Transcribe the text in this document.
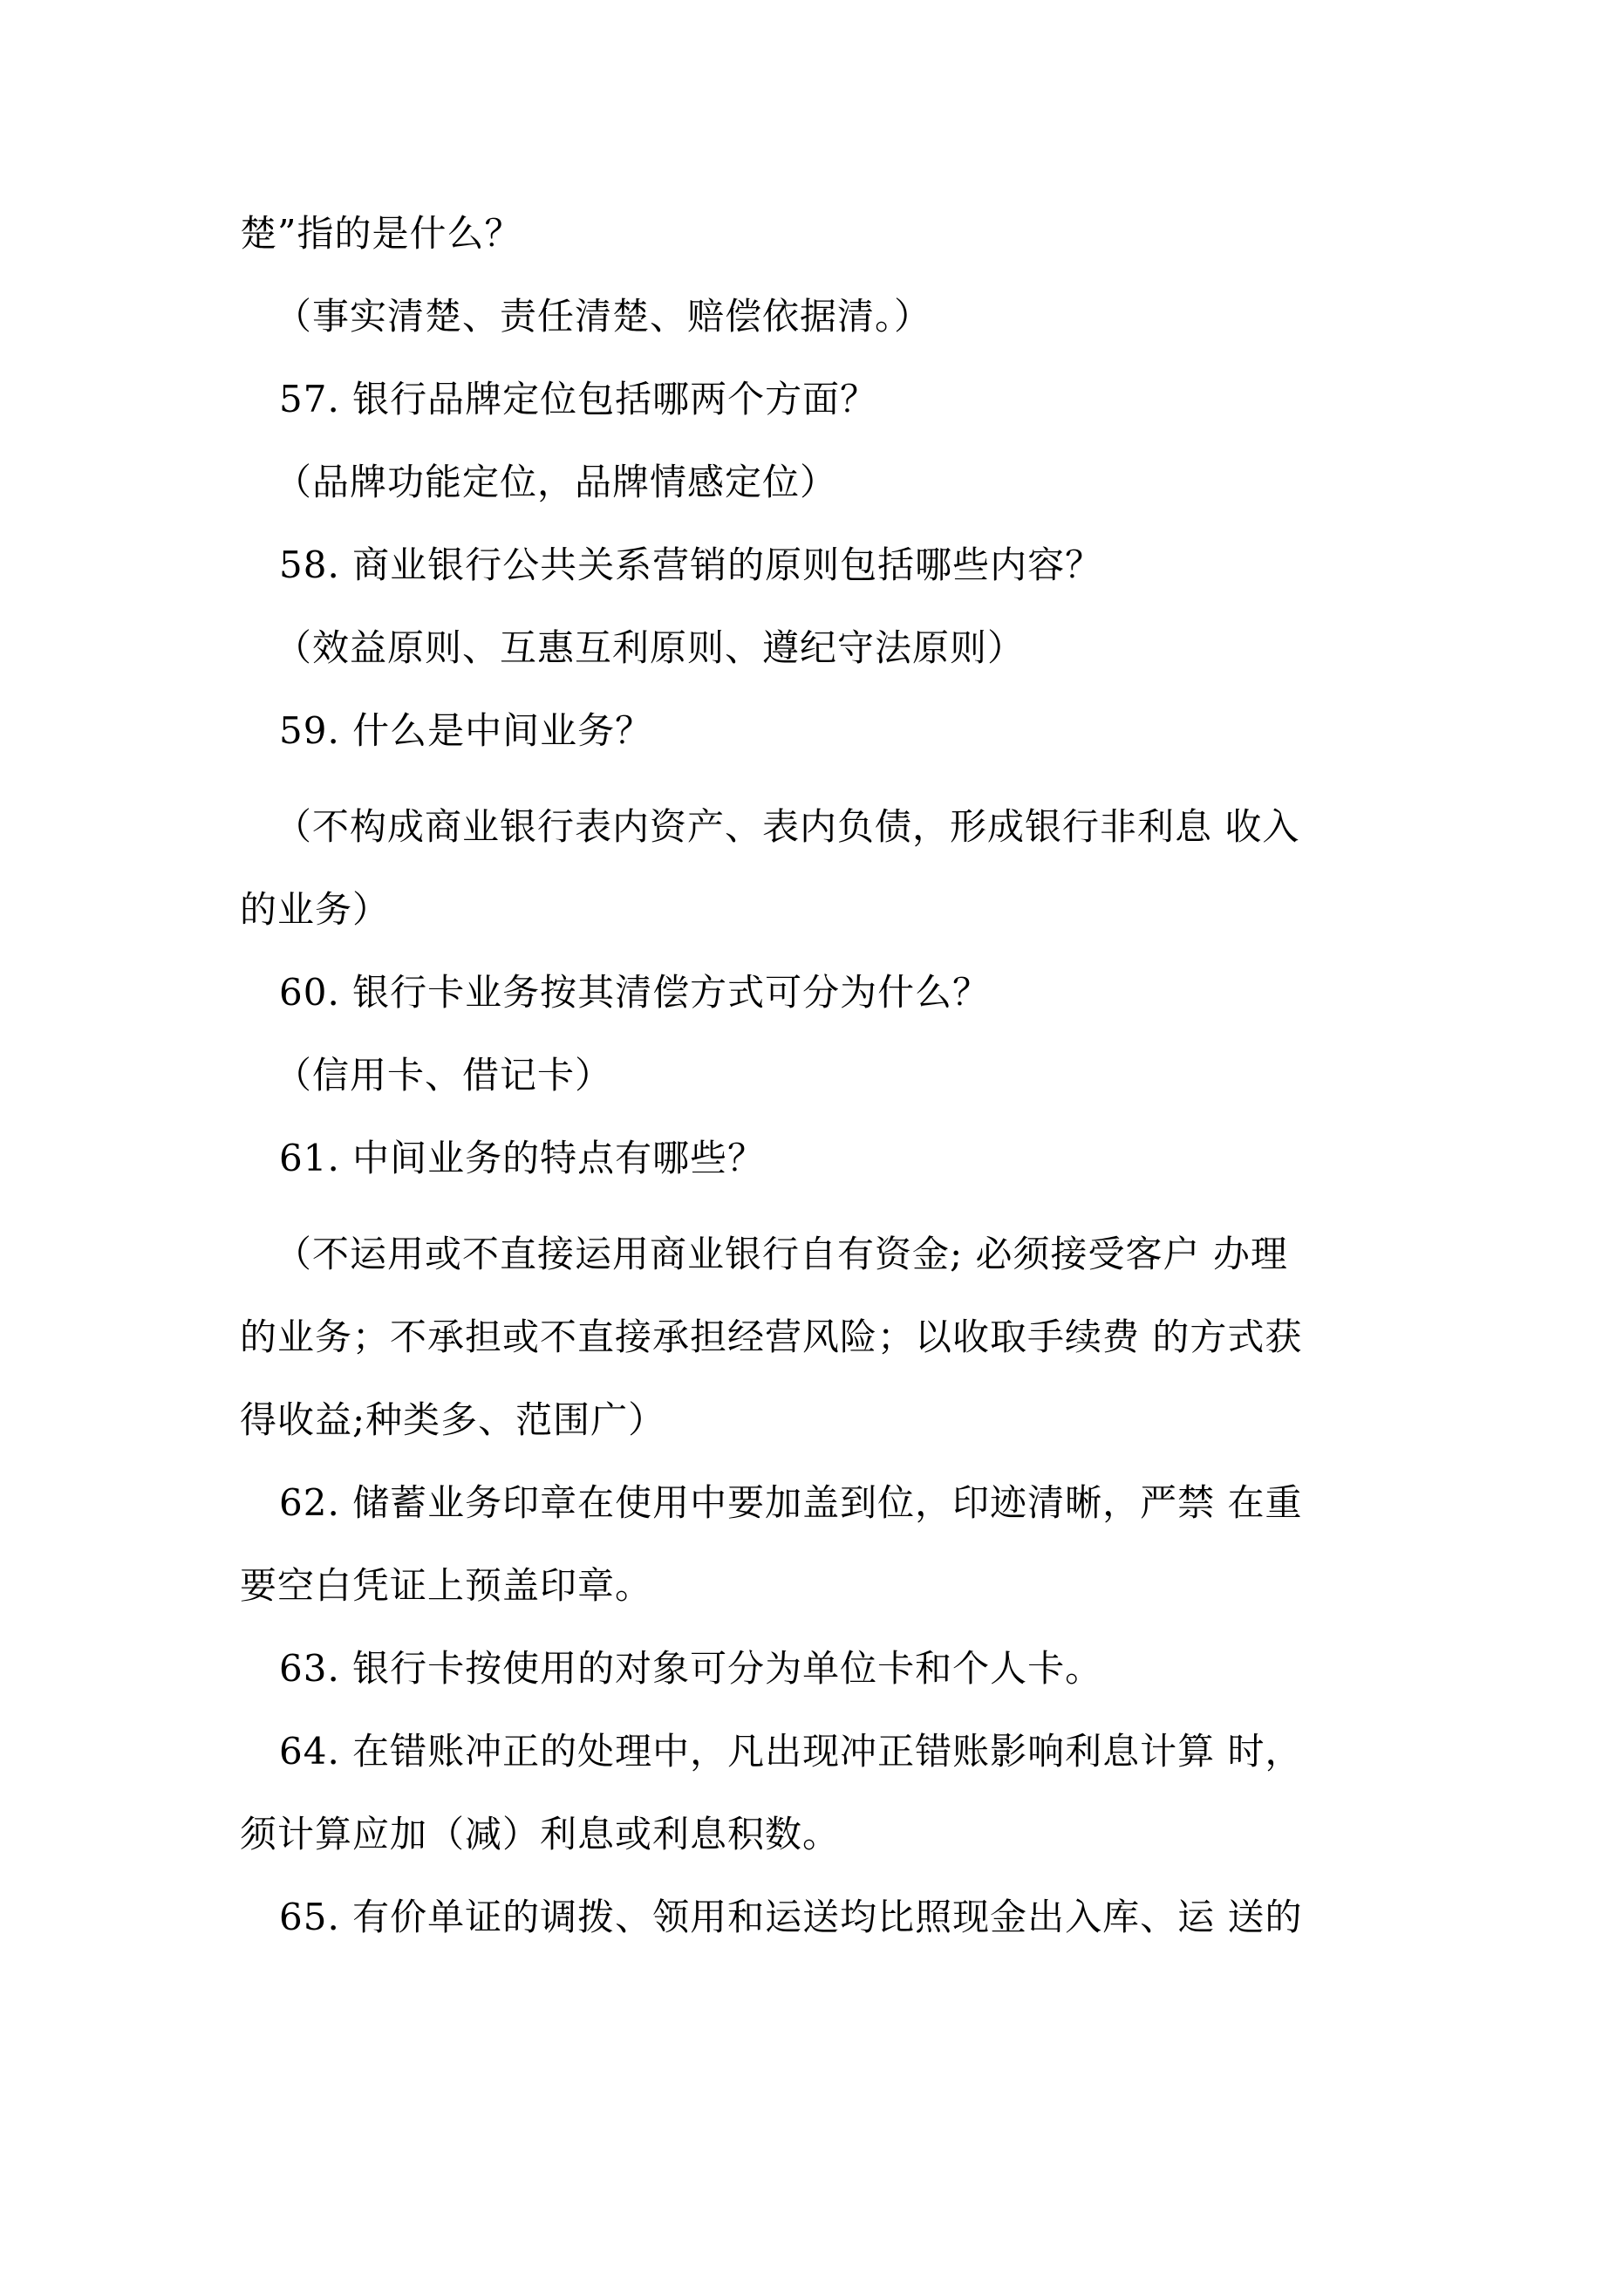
楚”指的是什么？
（事实清楚、责任清楚、赔偿依据清。）
57. 银行品牌定位包括哪两个方面？
（品牌功能定位，品牌情感定位）
58. 商业银行公共关系营销的原则包括哪些内容？
（效益原则、互惠互利原则、遵纪守法原则）
59. 什么是中间业务？
（不构成商业银行表内资产、表内负债，形成银行非利息 收入
的业务）
60. 银行卡业务按其清偿方式可分为什么？
（信用卡、借记卡）
61. 中间业务的特点有哪些？
（不运用或不直接运用商业银行自有资金; 必须接受客户 办理
的业务；不承担或不直接承担经营风险；以收取手续费 的方式获
得收益;种类多、范围广）
62. 储蓄业务印章在使用中要加盖到位，印迹清晰，严禁 在重
要空白凭证上预盖印章。
63. 银行卡按使用的对象可分为单位卡和个人卡。
64. 在错账冲正的处理中，凡出现冲正错账影响利息计算 时，
须计算应加（减）利息或利息积数。
65. 有价单证的调拨、领用和运送均比照现金出入库、运 送的
